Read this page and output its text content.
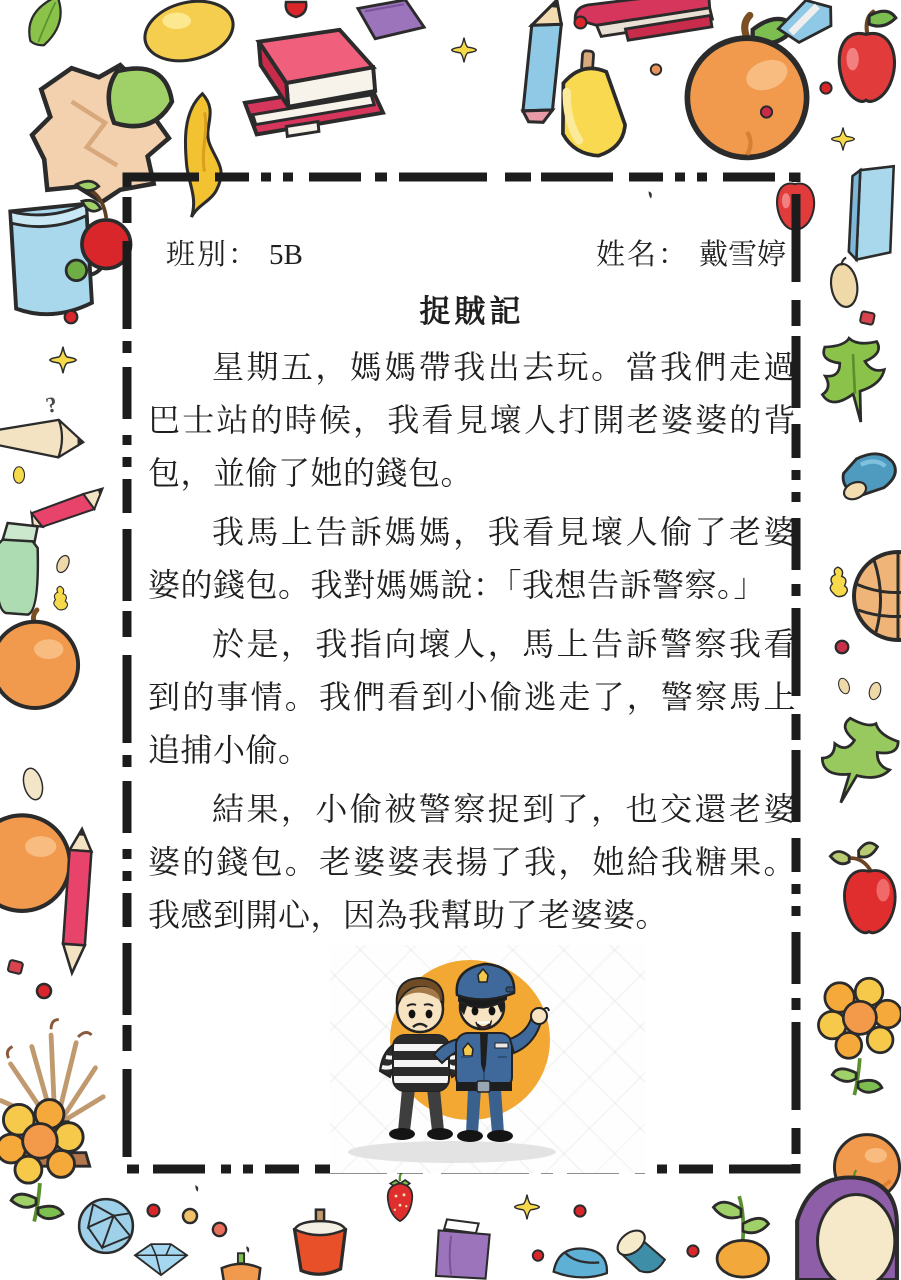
?
班別： 5B	姓名： 戴雪婷
捉賊記

星期五，媽媽帶我出去玩。當我們走過巴士站的時候，我看見壞人打開老婆婆的背包，並偷了她的錢包。

我馬上告訴媽媽，我看見壞人偷了老婆婆的錢包。我對媽媽說：「我想告訴警察。」

於是，我指向壞人，馬上告訴警察我看到的事情。我們看到小偷逃走了，警察馬上追捕小偷。

結果，小偷被警察捉到了，也交還老婆婆的錢包。老婆婆表揚了我，她給我糖果。我感到開心，因為我幫助了老婆婆。
